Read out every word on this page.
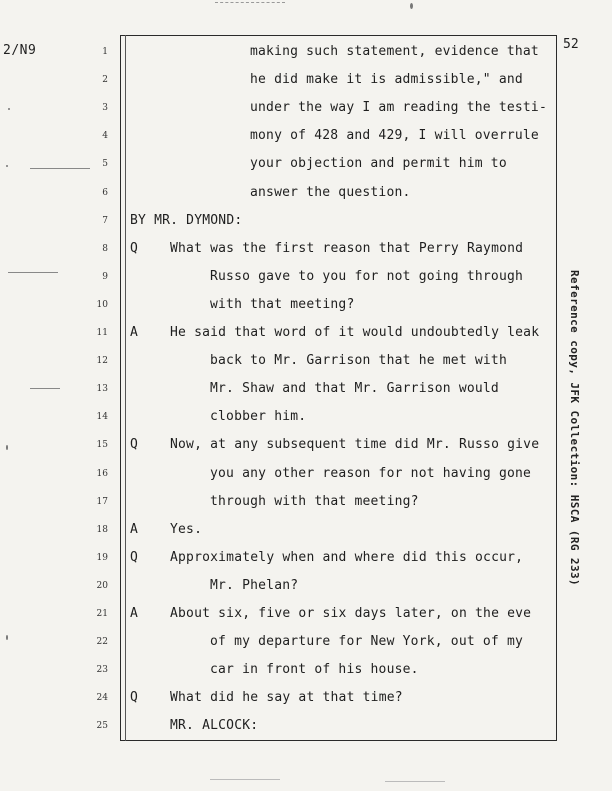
2/N9	52
1	making such statement, evidence that
2	he did make it is admissible," and
3	under the way I am reading the testi-
4	mony of 428 and 429, I will overrule
5	your objection and permit him to
6	answer the question.
7 BY MR. DYMOND:
8 Q What was the first reason that Perry Raymond
9	Russo gave to you for not going through
10	with that meeting?
11 A He said that word of it would undoubtedly leak
12	back to Mr. Garrison that he met with
13	Mr. Shaw and that Mr. Garrison would
14	clobber him.
15 Q Now, at any subsequent time did Mr. Russo give
16	you any other reason for not having gone
17	through with that meeting?
18 A Yes.
19 Q Approximately when and where did this occur,
20	Mr. Phelan?
21 A About six, five or six days later, on the eve
22	of my departure for New York, out of my
23	car in front of his house.
24 Q What did he say at that time?
25	MR. ALCOCK:
Reference copy, JFK Collection: HSCA (RG 233)
